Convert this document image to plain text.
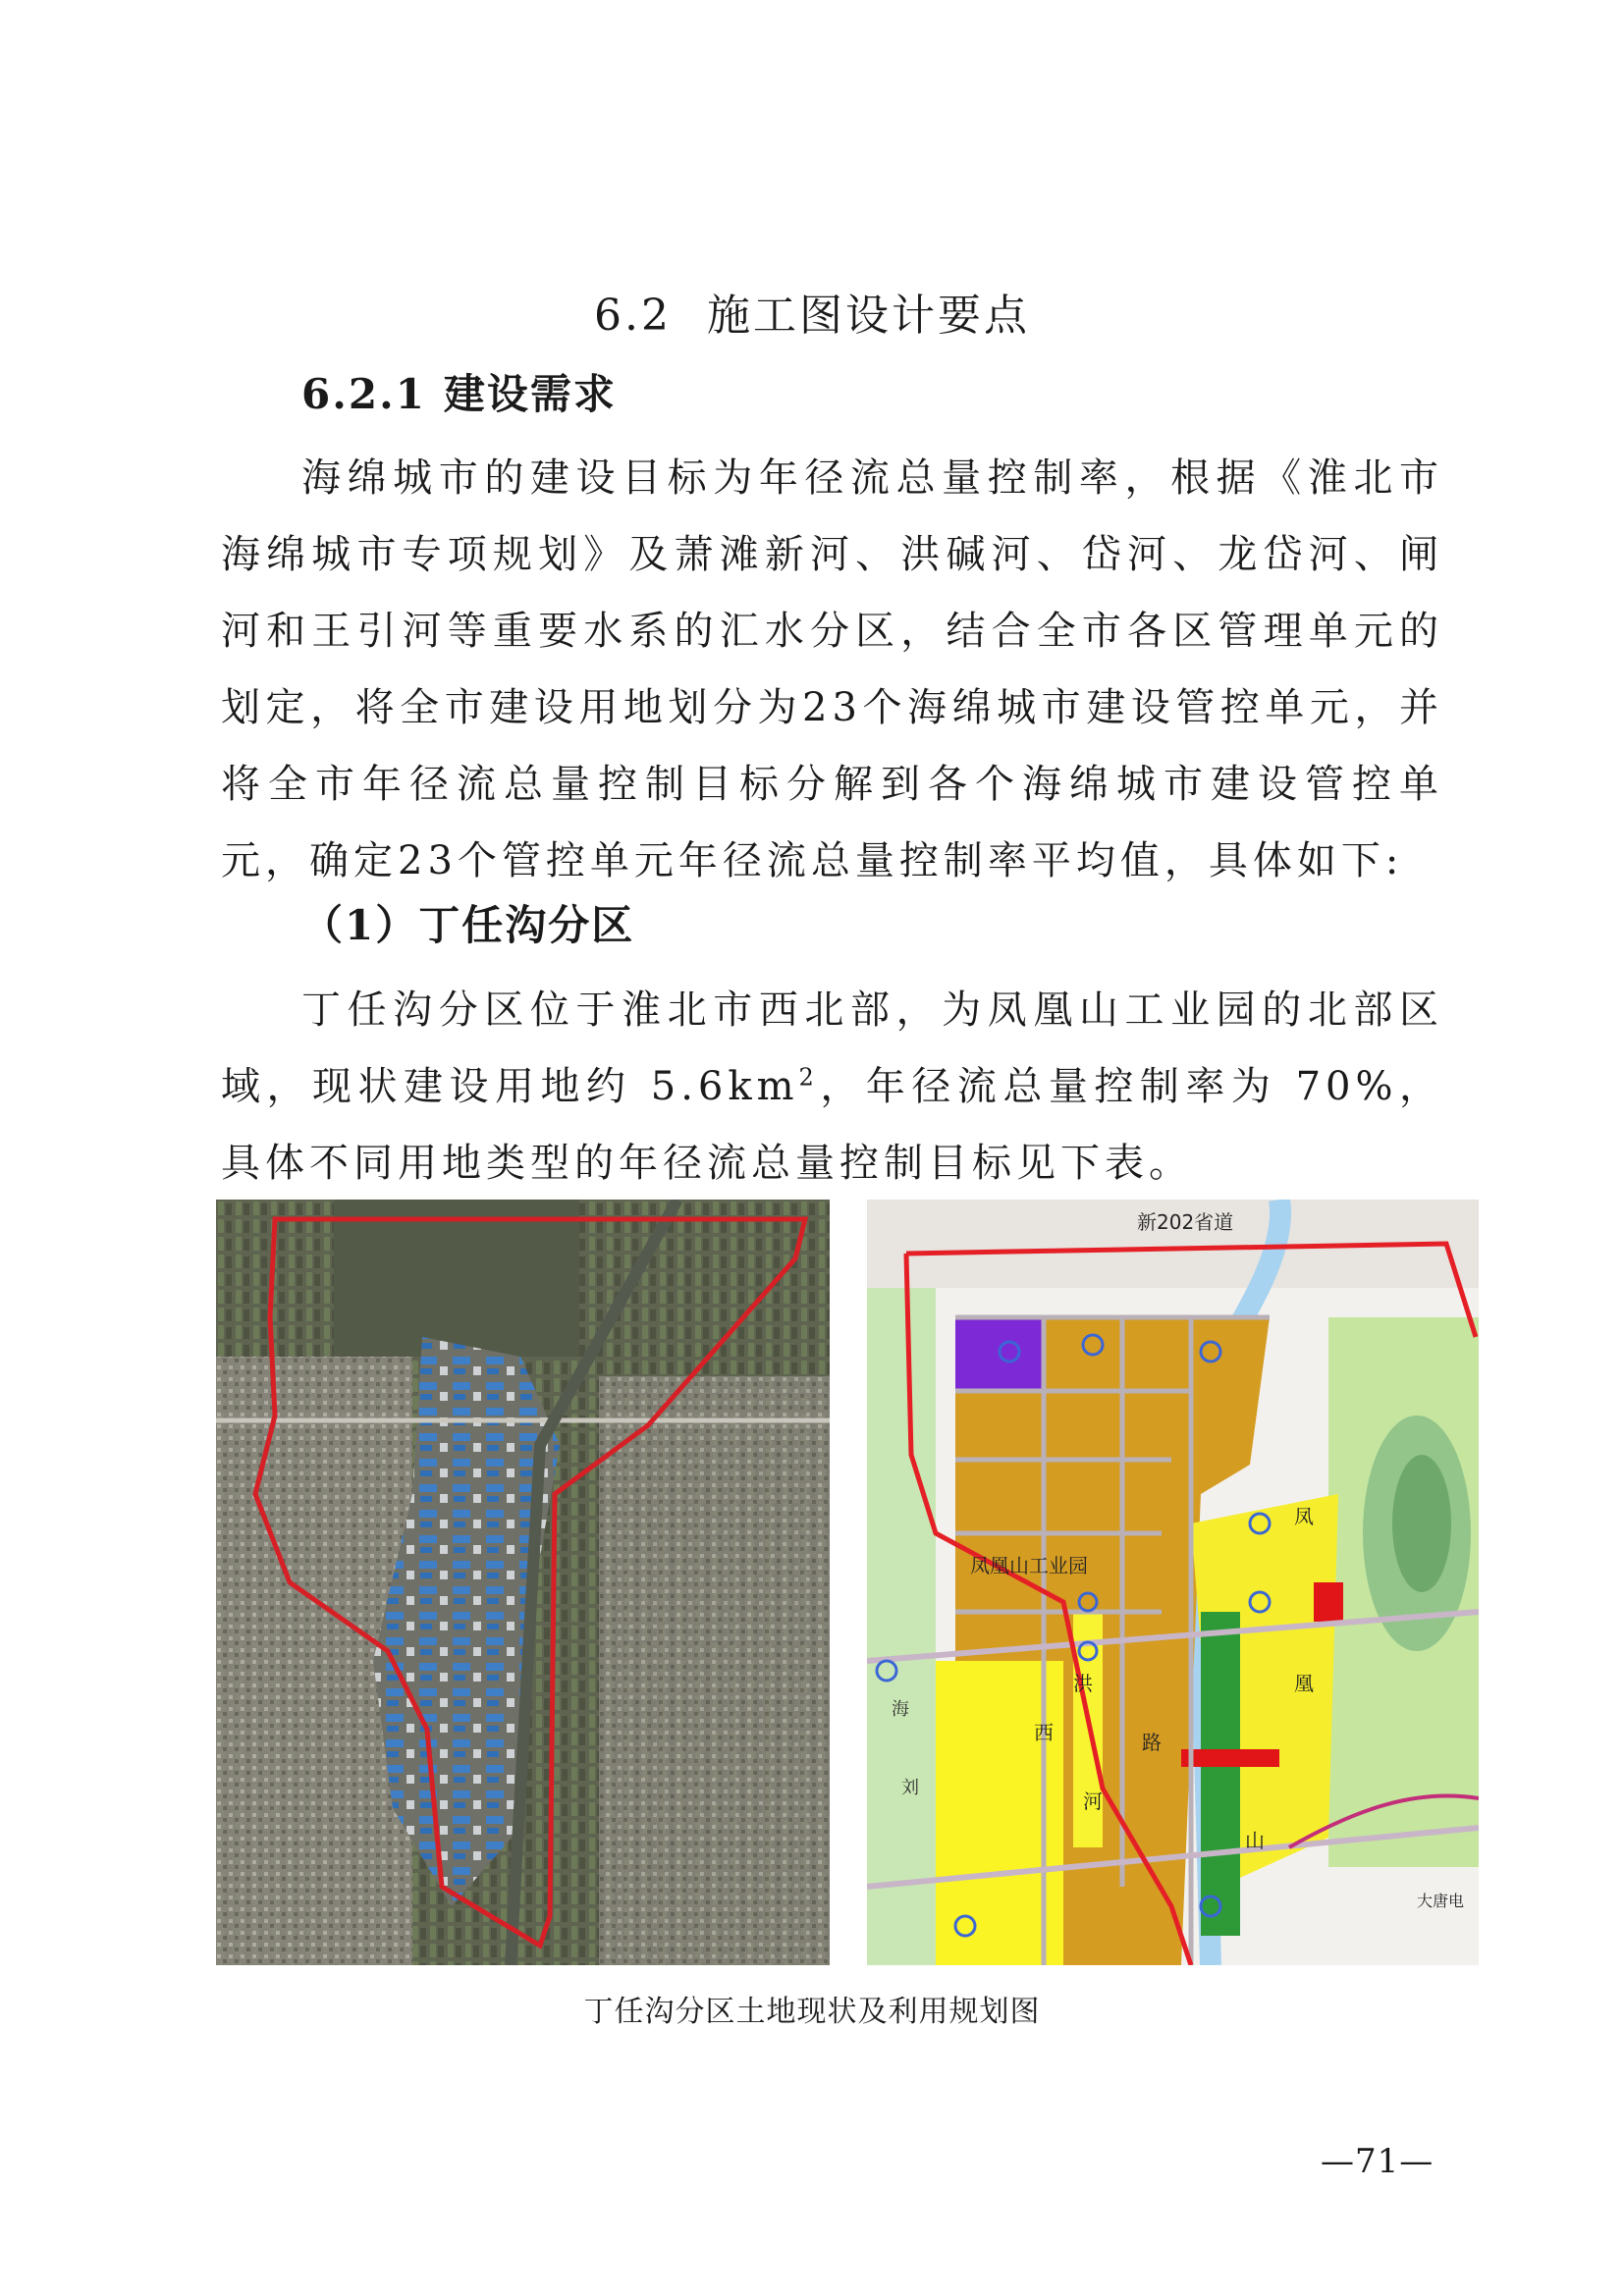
6.2 施工图设计要点
6.2.1 建设需求

海绵城市的建设目标为年径流总量控制率，根据《淮北市海绵城市专项规划》及萧滩新河、洪碱河、岱河、龙岱河、闸河和王引河等重要水系的汇水分区，结合全市各区管理单元的划定，将全市建设用地划分为23个海绵城市建设管控单元，并将全市年径流总量控制目标分解到各个海绵城市建设管控单元，确定23个管控单元年径流总量控制率平均值，具体如下:

（1）丁任沟分区

丁任沟分区位于淮北市西北部，为凤凰山工业园的北部区域，现状建设用地约 $5.6km^2$，年径流总量控制率为 70%，具体不同用地类型的年径流总量控制目标见下表。

新202省道
凤凰山工业园
洪
西	路
河
凤
凰
山
海
刘
大唐电
丁任沟分区土地现状及利用规划图
—71—
